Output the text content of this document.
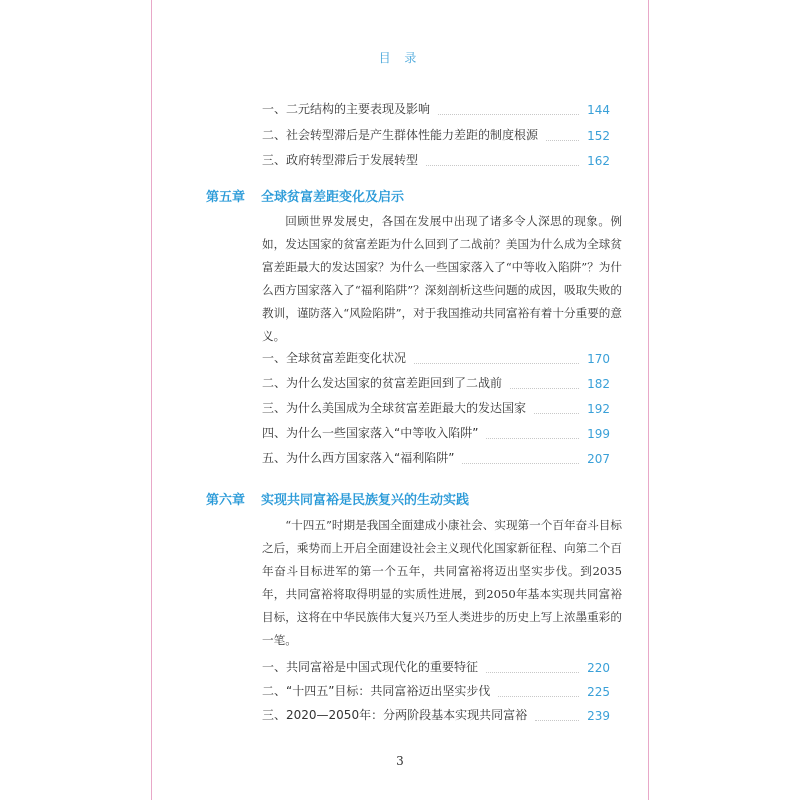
目 录
一、二元结构的主要表现及影响	144
二、社会转型滞后是产生群体性能力差距的制度根源	152
三、政府转型滞后于发展转型	162
第五章	全球贫富差距变化及启示
回顾世界发展史，各国在发展中出现了诸多令人深思的现象。例如，发达国家的贫富差距为什么回到了二战前？美国为什么成为全球贫富差距最大的发达国家？为什么一些国家落入了“中等收入陷阱”？为什么西方国家落入了“福利陷阱”？深刻剖析这些问题的成因，吸取失败的教训，谨防落入“风险陷阱”，对于我国推动共同富裕有着十分重要的意义。
一、全球贫富差距变化状况	170
二、为什么发达国家的贫富差距回到了二战前	182
三、为什么美国成为全球贫富差距最大的发达国家	192
四、为什么一些国家落入“中等收入陷阱”	199
五、为什么西方国家落入“福利陷阱”	207
第六章	实现共同富裕是民族复兴的生动实践
“十四五”时期是我国全面建成小康社会、实现第一个百年奋斗目标之后，乘势而上开启全面建设社会主义现代化国家新征程、向第二个百年奋斗目标进军的第一个五年，共同富裕将迈出坚实步伐。到2035年，共同富裕将取得明显的实质性进展，到2050年基本实现共同富裕目标，这将在中华民族伟大复兴乃至人类进步的历史上写上浓墨重彩的一笔。
一、共同富裕是中国式现代化的重要特征	220
二、“十四五”目标：共同富裕迈出坚实步伐	225
三、2020—2050年：分两阶段基本实现共同富裕	239
3
